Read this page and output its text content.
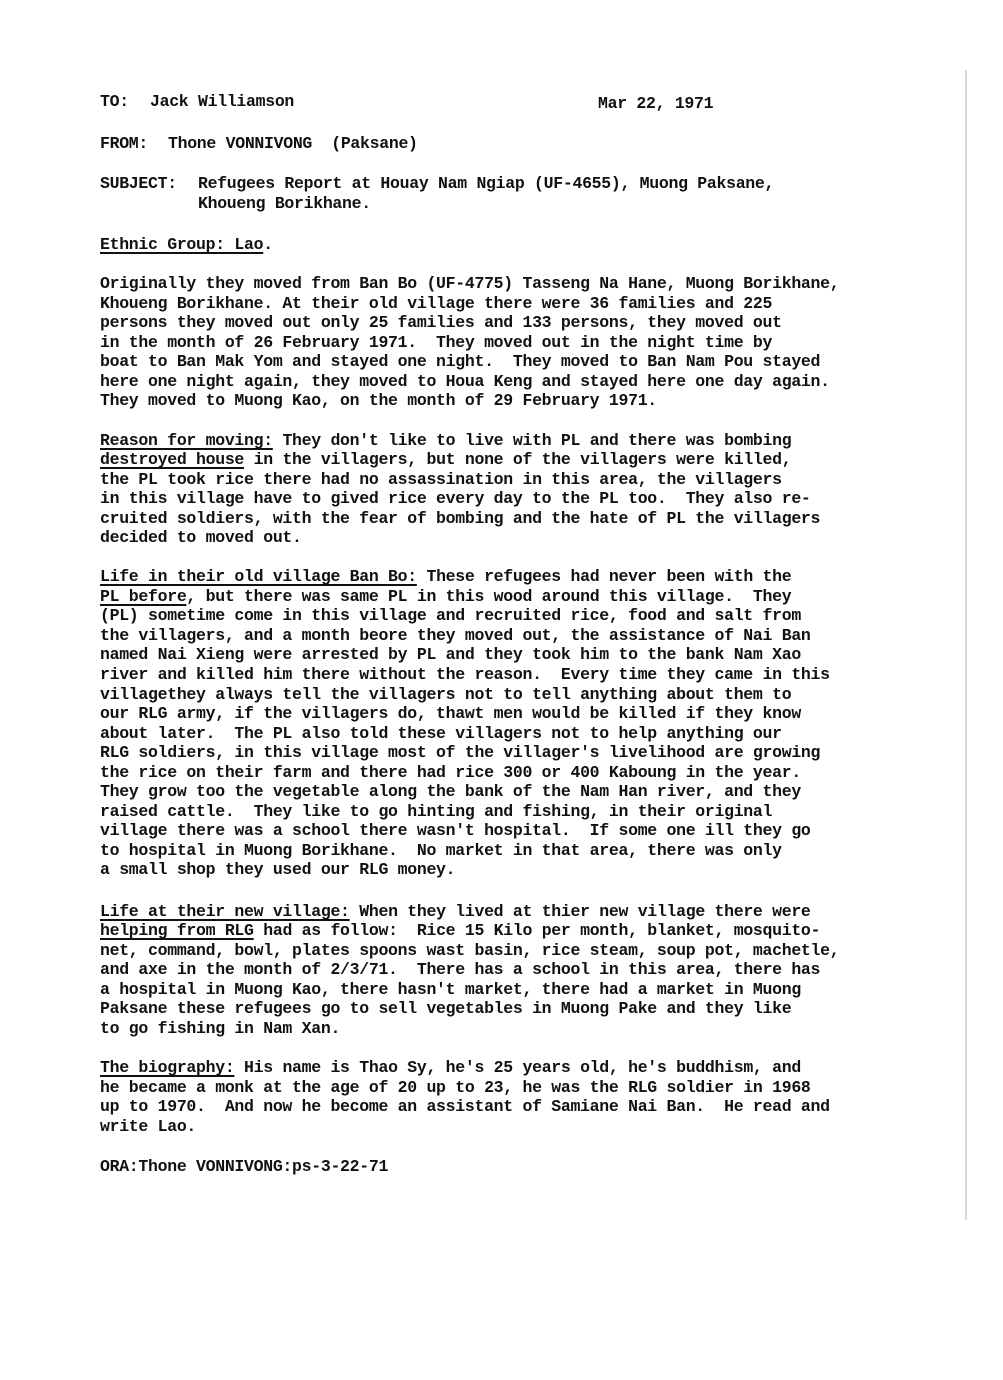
TO: Jack Williamson	Mar 22, 1971
FROM: Thone VONNIVONG  (Paksane)
SUBJECT: Refugees Report at Houay Nam Ngiap (UF-4655), Muong Paksane,
Khoueng Borikhane.
Ethnic Group: Lao.
Originally they moved from Ban Bo (UF-4775) Tasseng Na Hane, Muong Borikhane,
Khoueng Borikhane. At their old village there were 36 families and 225
persons they moved out only 25 families and 133 persons, they moved out
in the month of 26 February 1971.  They moved out in the night time by
boat to Ban Mak Yom and stayed one night.  They moved to Ban Nam Pou stayed
here one night again, they moved to Houa Keng and stayed here one day again.
They moved to Muong Kao, on the month of 29 February 1971.
Reason for moving: They don't like to live with PL and there was bombing
destroyed house in the villagers, but none of the villagers were killed,
the PL took rice there had no assassination in this area, the villagers
in this village have to gived rice every day to the PL too.  They also re-
cruited soldiers, with the fear of bombing and the hate of PL the villagers
decided to moved out.
Life in their old village Ban Bo: These refugees had never been with the
PL before, but there was same PL in this wood around this village.  They
(PL) sometime come in this village and recruited rice, food and salt from
the villagers, and a month beore they moved out, the assistance of Nai Ban
named Nai Xieng were arrested by PL and they took him to the bank Nam Xao
river and killed him there without the reason.  Every time they came in this
villagethey always tell the villagers not to tell anything about them to
our RLG army, if the villagers do, thawt men would be killed if they know
about later.  The PL also told these villagers not to help anything our
RLG soldiers, in this village most of the villager's livelihood are growing
the rice on their farm and there had rice 300 or 400 Kaboung in the year.
They grow too the vegetable along the bank of the Nam Han river, and they
raised cattle.  They like to go hinting and fishing, in their original
village there was a school there wasn't hospital.  If some one ill they go
to hospital in Muong Borikhane.  No market in that area, there was only
a small shop they used our RLG money.
Life at their new village: When they lived at thier new village there were
helping from RLG had as follow:  Rice 15 Kilo per month, blanket, mosquito-
net, command, bowl, plates spoons wast basin, rice steam, soup pot, machetle,
and axe in the month of 2/3/71.  There has a school in this area, there has
a hospital in Muong Kao, there hasn't market, there had a market in Muong
Paksane these refugees go to sell vegetables in Muong Pake and they like
to go fishing in Nam Xan.
The biography: His name is Thao Sy, he's 25 years old, he's buddhism, and
he became a monk at the age of 20 up to 23, he was the RLG soldier in 1968
up to 1970.  And now he become an assistant of Samiane Nai Ban.  He read and
write Lao.
ORA:Thone VONNIVONG:ps-3-22-71
